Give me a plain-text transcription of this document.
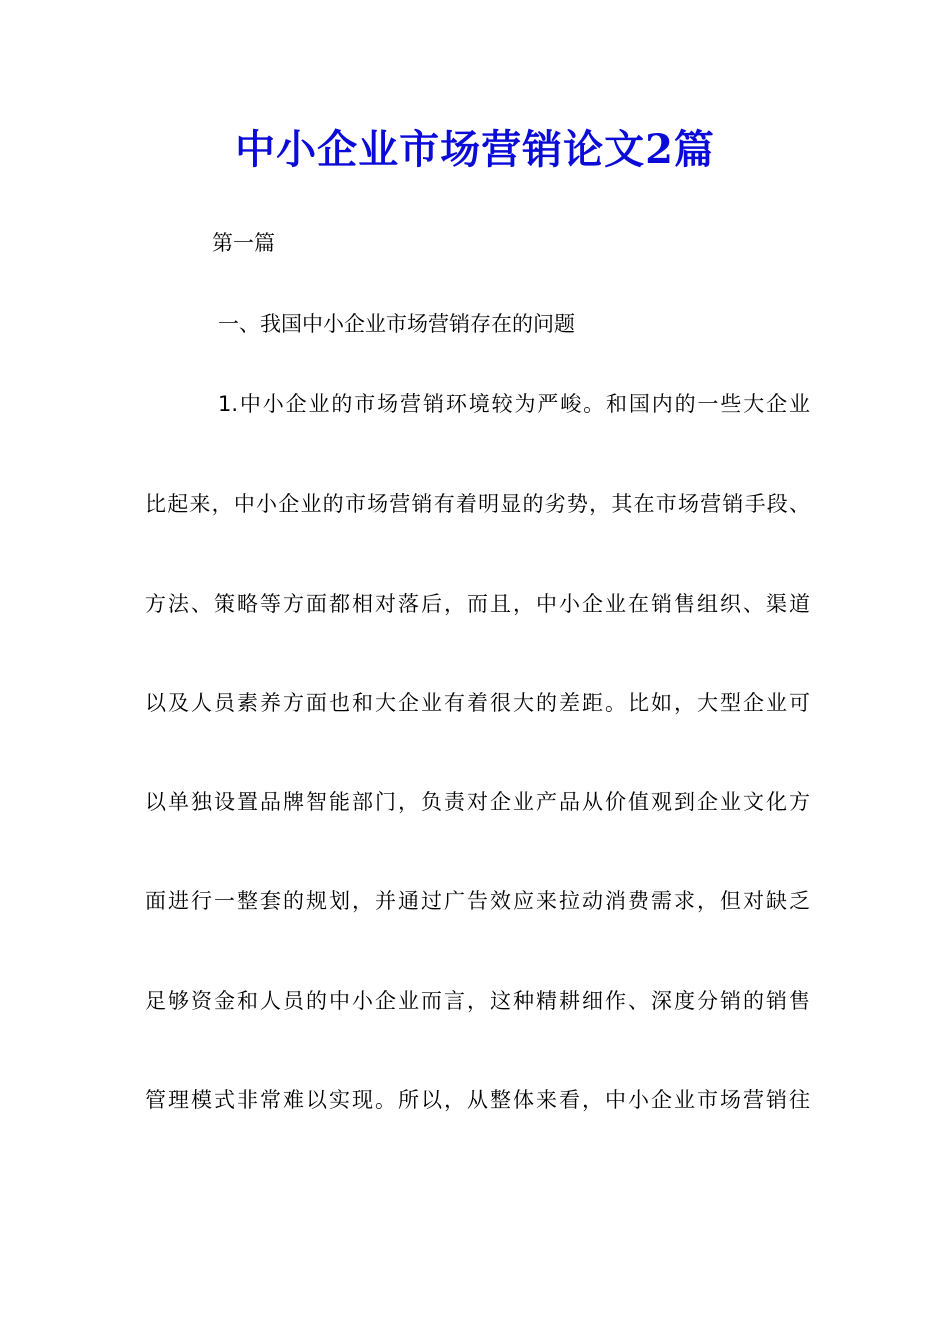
中小企业市场营销论文2篇
第一篇
一、我国中小企业市场营销存在的问题
1.中小企业的市场营销环境较为严峻。和国内的一些大企业
比起来，中小企业的市场营销有着明显的劣势，其在市场营销手段、
方法、策略等方面都相对落后，而且，中小企业在销售组织、渠道
以及人员素养方面也和大企业有着很大的差距。比如，大型企业可
以单独设置品牌智能部门，负责对企业产品从价值观到企业文化方
面进行一整套的规划，并通过广告效应来拉动消费需求，但对缺乏
足够资金和人员的中小企业而言，这种精耕细作、深度分销的销售
管理模式非常难以实现。所以，从整体来看，中小企业市场营销往
